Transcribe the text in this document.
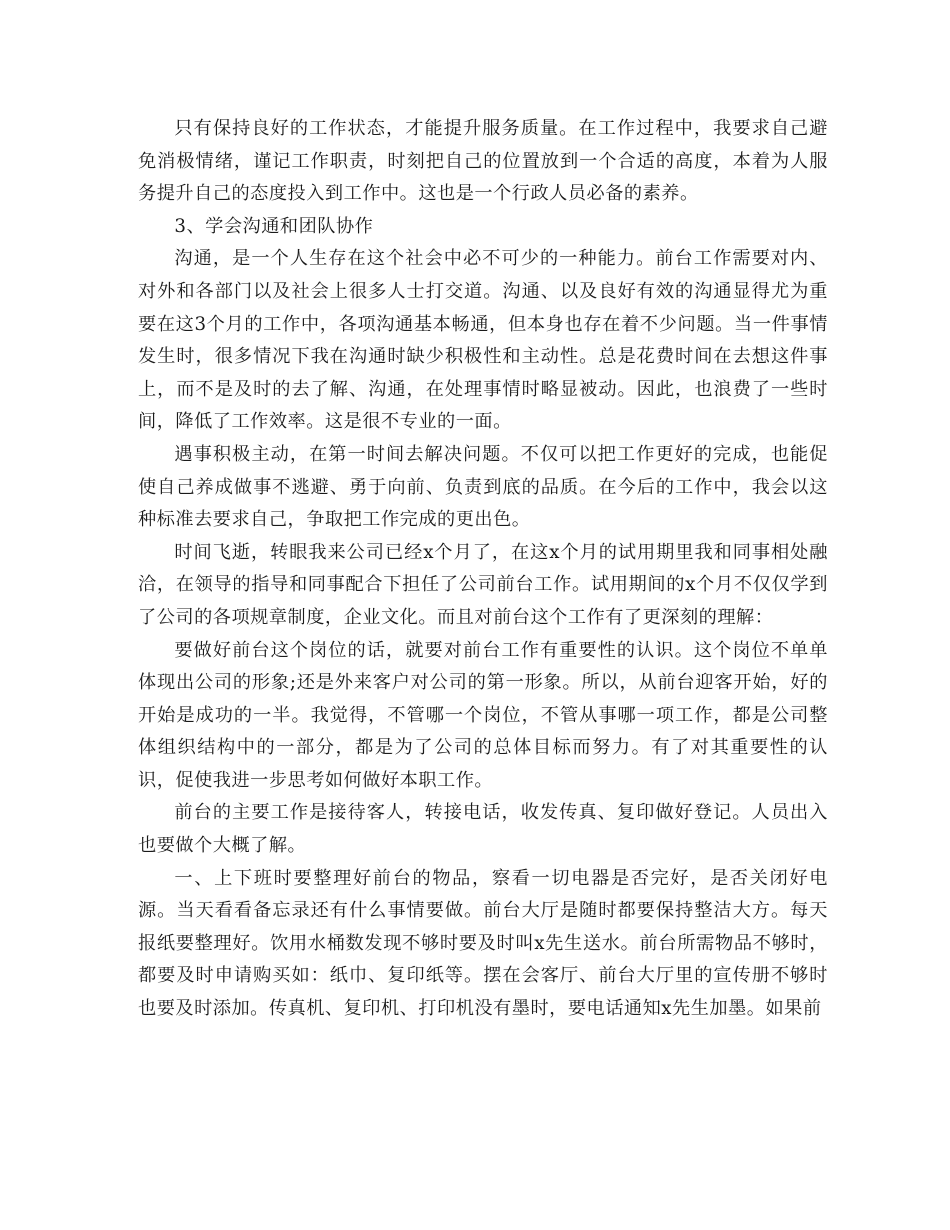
只有保持良好的工作状态，才能提升服务质量。在工作过程中，我要求自己避免消极情绪，谨记工作职责，时刻把自己的位置放到一个合适的高度，本着为人服务提升自己的态度投入到工作中。这也是一个行政人员必备的素养。

3、学会沟通和团队协作

沟通，是一个人生存在这个社会中必不可少的一种能力。前台工作需要对内、对外和各部门以及社会上很多人士打交道。沟通、以及良好有效的沟通显得尤为重要在这3个月的工作中，各项沟通基本畅通，但本身也存在着不少问题。当一件事情发生时，很多情况下我在沟通时缺少积极性和主动性。总是花费时间在去想这件事上，而不是及时的去了解、沟通，在处理事情时略显被动。因此，也浪费了一些时间，降低了工作效率。这是很不专业的一面。

遇事积极主动，在第一时间去解决问题。不仅可以把工作更好的完成，也能促使自己养成做事不逃避、勇于向前、负责到底的品质。在今后的工作中，我会以这种标准去要求自己，争取把工作完成的更出色。

时间飞逝，转眼我来公司已经x个月了，在这x个月的试用期里我和同事相处融洽，在领导的指导和同事配合下担任了公司前台工作。试用期间的x个月不仅仅学到了公司的各项规章制度，企业文化。而且对前台这个工作有了更深刻的理解：

要做好前台这个岗位的话，就要对前台工作有重要性的认识。这个岗位不单单体现出公司的形象;还是外来客户对公司的第一形象。所以，从前台迎客开始，好的开始是成功的一半。我觉得，不管哪一个岗位，不管从事哪一项工作，都是公司整体组织结构中的一部分，都是为了公司的总体目标而努力。有了对其重要性的认识，促使我进一步思考如何做好本职工作。

前台的主要工作是接待客人，转接电话，收发传真、复印做好登记。人员出入也要做个大概了解。

一、上下班时要整理好前台的物品，察看一切电器是否完好，是否关闭好电源。当天看看备忘录还有什么事情要做。前台大厅是随时都要保持整洁大方。每天报纸要整理好。饮用水桶数发现不够时要及时叫x先生送水。前台所需物品不够时，都要及时申请购买如：纸巾、复印纸等。摆在会客厅、前台大厅里的宣传册不够时也要及时添加。传真机、复印机、打印机没有墨时，要电话通知x先生加墨。如果前
